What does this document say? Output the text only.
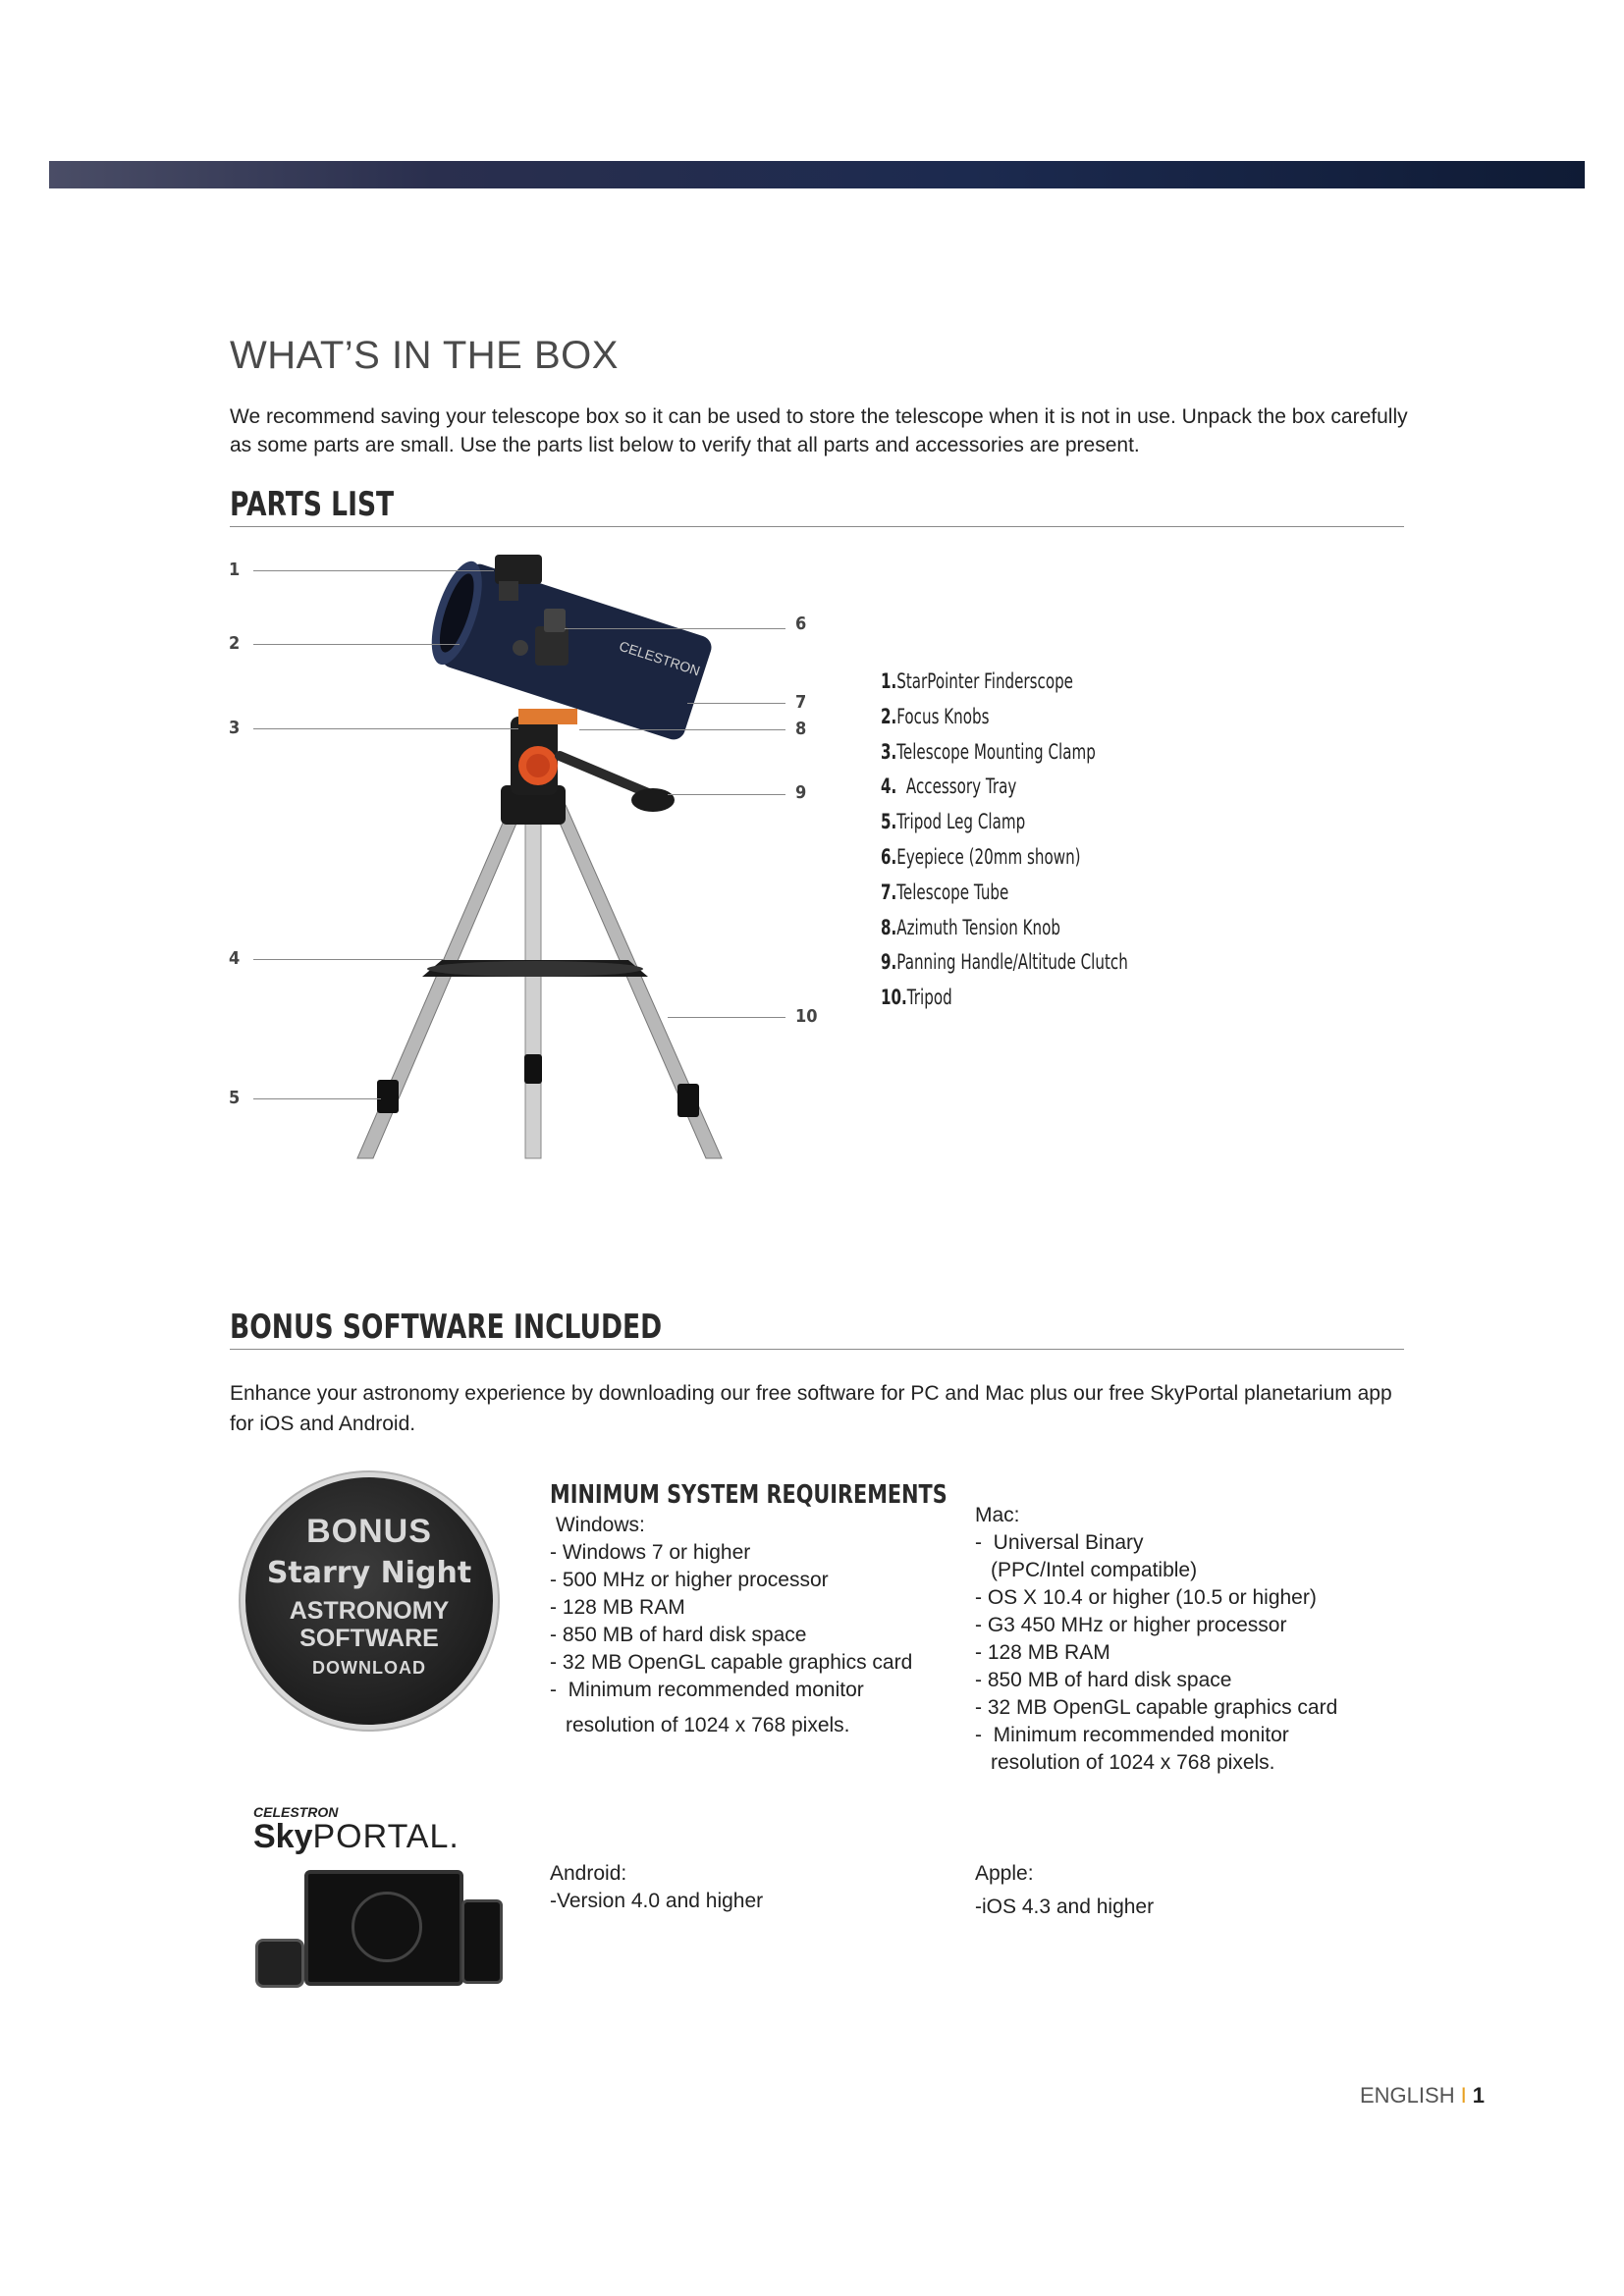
WHAT’S IN THE BOX
We recommend saving your telescope box so it can be used to store the telescope when it is not in use. Unpack the box carefully as some parts are small. Use the parts list below to verify that all parts and accessories are present.
PARTS LIST
CELESTRON
1
2
3
4
5
6
7
8
9
10
1.StarPointer Finderscope
2.Focus Knobs
3.Telescope Mounting Clamp
4.  Accessory Tray
5.Tripod Leg Clamp
6.Eyepiece (20mm shown)
7.Telescope Tube
8.Azimuth Tension Knob
9.Panning Handle/Altitude Clutch
10.Tripod
BONUS SOFTWARE INCLUDED
Enhance your astronomy experience by downloading our free software for PC and Mac plus our free SkyPortal planetarium app for iOS and Android.
BONUS
Starry Night
ASTRONOMY
SOFTWARE
DOWNLOAD
MINIMUM SYSTEM REQUIREMENTS
Windows:
- Windows 7 or higher
- 500 MHz or higher processor
- 128 MB RAM
- 850 MB of hard disk space
- 32 MB OpenGL capable graphics card
-  Minimum recommended monitor
resolution of 1024 x 768 pixels.
Mac:
-  Universal Binary
(PPC/Intel compatible)
- OS X 10.4 or higher (10.5 or higher)
- G3 450 MHz or higher processor
- 128 MB RAM
- 850 MB of hard disk space
- 32 MB OpenGL capable graphics card
-  Minimum recommended monitor
resolution of 1024 x 768 pixels.
CELESTRON
SkyPORTAL.
Android:
-Version 4.0 and higher
Apple:
-iOS 4.3 and higher
ENGLISH I 1
